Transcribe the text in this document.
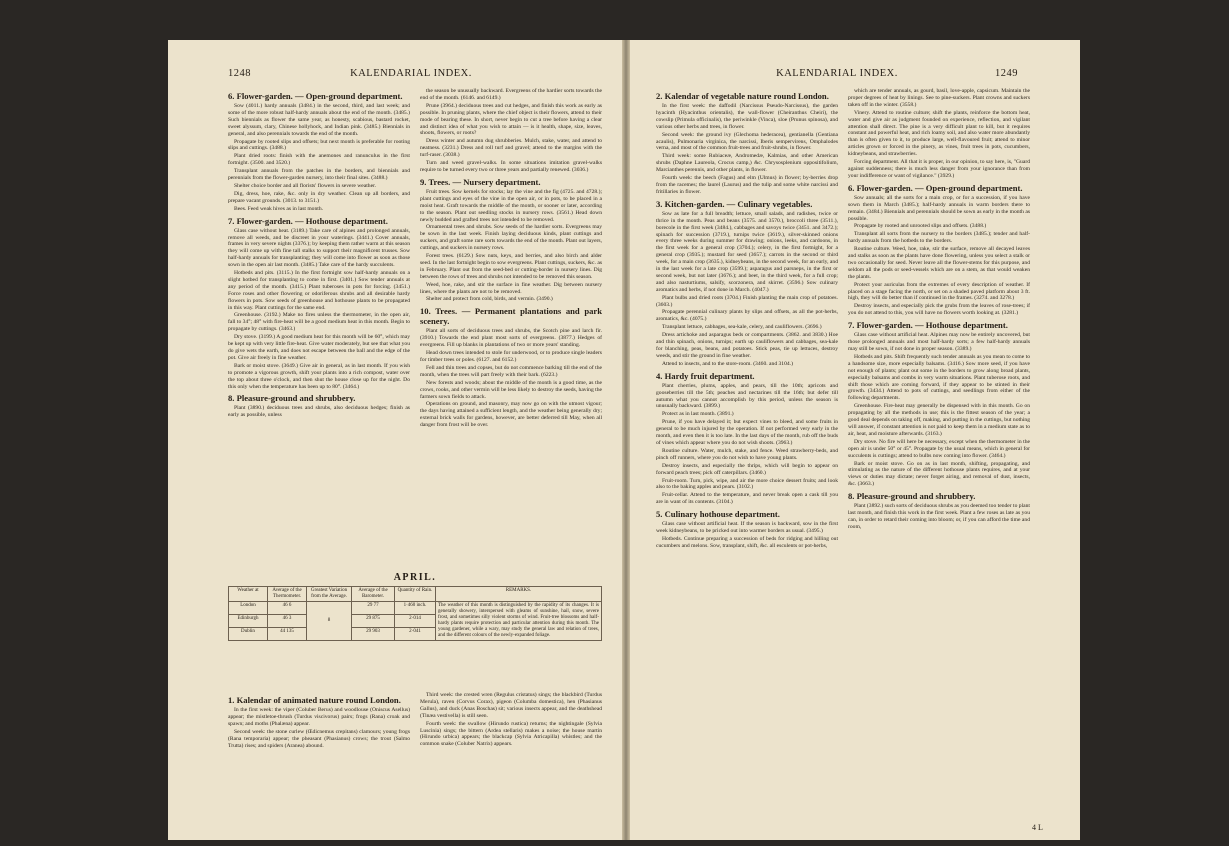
1248	KALENDARIAL INDEX.
6. Flower-garden. — Open-ground department.

Sow (4011.) hardy annuals (3484.) in the second, third, and last week; and some of the more robust half-hardy annuals about the end of the month. (3485.) Such biennials as flower the same year, as honesty, scabious, bastard rocket, sweet alyssum, clary, Chinese hollyhock, and Indian pink. (3485.) Biennials in general, and also perennials towards the end of the month.

Propagate by rooted slips and offsets; but next month is preferable for rooting slips and cuttings. (3488.)

Plant dried roots: finish with the anemones and ranunculus in the first fortnight. (3500. and 3520.)

Transplant annuals from the patches in the borders, and biennials and perennials from the flower-garden nursery, into their final sites. (3488.)

Shelter choice border and all florists' flowers in severe weather.

Dig, dress, hoe, rake, &c. only in dry weather. Clean up all borders, and prepare vacant grounds. (3013. to 3151.)

Bees. Feed weak hives as in last month.

7. Flower-garden. — Hothouse department.

Glass case without heat. (3189.) Take care of alpines and prolonged annuals, remove all weeds, and be discreet in your waterings. (3441.) Cover annuals, frames in very severe nights (3376.); by keeping them rather warm at this season they will come up with fine tall stalks to support their magnificent trusses. Sow half-hardy annuals for transplanting; they will come into flower as soon as those sown in the open air last month. (3485.) Take care of the hardy succulents.

Hotbeds and pits. (3115.) In the first fortnight sow half-hardy annuals on a slight hotbed for transplanting to come in first. (3401.) Sow tender annuals at any period of the month. (3415.) Plant tuberoses in pots for forcing. (3451.) Force roses and other flowering or odoriferous shrubs and all desirable hardy flowers in pots. Sow seeds of greenhouse and hothouse plants to be propagated in this way. Plant cuttings for the same end.

Greenhouse. (3192.) Make no fires unless the thermometer, in the open air, fall to 34°; 48° with fire-heat will be a good medium heat in this month. Begin to propagate by cuttings. (3463.)

Dry stove. (3199.) A good medium heat for this month will be 60°, which may be kept up with very little fire-heat. Give water moderately, but see that what you do give wets the earth, and does not escape between the ball and the edge of the pot. Give air freely in fine weather.

Bark or moist stove. (3649.) Give air in general, as in last month. If you wish to promote a vigorous growth, shift your plants into a rich compost, water over the top about three o'clock, and then shut the house close up for the night. Do this only when the temperature has been up to 80°. (3464.)

8. Pleasure-ground and shrubbery.

Plant (3890.) deciduous trees and shrubs, also deciduous hedges; finish as early as possible, unless

the season be unusually backward. Evergreens of the hardier sorts towards the end of the month. (6146. and 6149.)

Prune (3964.) deciduous trees and cut hedges, and finish this work as early as possible. In pruning plants, where the chief object is their flowers, attend to their mode of bearing these. In short, never begin to cut a tree before having a clear and distinct idea of what you wish to attain — is it health, shape, size, leaves, shoots, flowers, or roots?

Dress winter and autumn dug shrubberies. Mulch, stake, water, and attend to neatness. (3231.) Dress and roll turf and gravel; attend to the margins with the turf-raser. (3038.)

Turn and weed gravel-walks. In some situations imitation gravel-walks require to be turned every two or three years and partially renewed. (3036.)

9. Trees. — Nursery department.

Fruit trees. Sow kernels for stocks; lay the vine and the fig (4725. and 4728.); plant cuttings and eyes of the vine in the open air, or in pots, to be placed in a moist heat. Graft towards the middle of the month, or sooner or later, according to the season. Plant out seedling stocks in nursery rows. (3561.) Head down newly budded and grafted trees not intended to be removed.

Ornamental trees and shrubs. Sow seeds of the hardier sorts. Evergreens may be sown in the last week. Finish laying deciduous kinds, plant cuttings and suckers, and graft some rare sorts towards the end of the month. Plant out layers, cuttings, and suckers in nursery rows.

Forest trees. (6129.) Sow nuts, keys, and berries, and also birch and alder seed. In the last fortnight begin to sow evergreens. Plant cuttings, suckers, &c. as in February. Plant out from the seed-bed or cutting-border in nursery lines. Dig between the rows of trees and shrubs not intended to be removed this season.

Weed, hoe, rake, and stir the surface in fine weather. Dig between nursery lines, where the plants are not to be removed.

Shelter and protect from cold, birds, and vermin. (3490.)

10. Trees. — Permanent plantations and park scenery.

Plant all sorts of deciduous trees and shrubs, the Scotch pine and larch fir. (3910.) Towards the end plant most sorts of evergreens. (3877.) Hedges of evergreens. Fill up blanks in plantations of two or more years' standing.

Head down trees intended to stole for underwood, or to produce single leaders for timber trees or poles. (6127. and 6152.)

Fell and thin trees and copses, but do not commence barking till the end of the month, when the trees will part freely with their bark. (6223.)

New forests and woods; about the middle of the month is a good time, as the crows, rooks, and other vermin will be less likely to destroy the seeds, having the farmers sown fields to attack.

Operations on ground, and masonry, may now go on with the utmost vigour; the days having attained a sufficient length, and the weather being generally dry; external brick walls for gardens, however, are better deferred till May, when all danger from frost will be over.

APRIL.
Weather at	Average of the Thermometer.	Greatest Variation from the Average.	Average of the Barometer.	Quantity of Rain.	REMARKS.
London	46 6	8	29 77	1·460 inch.	The weather of this month is distinguished by the rapidity of its changes. It is generally showery, interspersed with gleams of sunshine, hail, snow, severe frost, and sometimes silly violent storms of wind. Fruit-tree blossoms and half-hardy plants require protection and particular attention during this month. The young gardener, while a wary, may study the general law and relation of trees, and the different colours of the newly-expanded foliage.
Edinburgh	46 3		29 875	2·014	
Dublin	44 135		29 903	2·041	
1. Kalendar of animated nature round London.

In the first week: the viper (Coluber Berus) and woodlouse (Oniscus Asellus) appear; the mistletoe-thrush (Turdus viscivorus) pairs; frogs (Rana) croak and spawn; and moths (Phalæna) appear.

Second week: the stone curlew (Œdicnemus crepitans) clamours; young frogs (Rana temporaria) appear; the pheasant (Phasianus) crows; the trout (Salmo Trutta) rises; and spiders (Aranea) abound.

Third week: the crested wren (Regulus cristatus) sings; the blackbird (Turdus Merula), raven (Corvus Corax), pigeon (Columba domestica), hen (Phasianus Gallus), and duck (Anas Boschas) sit; various insects appear, and the deathshead (Tinæa vestivella) is still seen.

Fourth week: the swallow (Hirundo rustica) returns; the nightingale (Sylvia Luscinia) sings; the bittern (Ardea stellaris) makes a noise; the house martin (Hirundo urbica) appears; the blackcap (Sylvia Atricapilla) whistles; and the common snake (Coluber Natrix) appears.

KALENDARIAL INDEX.	1249
2. Kalendar of vegetable nature round London.

In the first week: the daffodil (Narcissus Pseudo-Narcissus), the garden hyacinth (Hyacinthus orientalis), the wall-flower (Cheiranthus Cheiri), the cowslip (Primula officinalis), the periwinkle (Vinca), sloe (Prunus spinosa), and various other herbs and trees, in flower.

Second week: the ground ivy (Glechoma hederacea), gentianella (Gentiana acaulis), Pulmonaria virginica, the narcissi, Iberis sempervirens, Omphalodes verna, and most of the common fruit-trees and fruit-shrubs, in flower.

Third week: some Rubiaceæ, Andromedæ, Kalmias, and other American shrubs (Daphne Laureola, Crocus camp,) &c. Chrysosplenium oppositifolium, Marcianthes perennis, and other plants, in flower.

Fourth week: the beech (Fagus) and elm (Ulmus) in flower; by-berries drop from the racemes; the laurel (Laurus) and the tulip and some white narcissi and fritillaries in flower.

3. Kitchen-garden. — Culinary vegetables.

Sow as late for a full breadth; lettuce, small salads, and radishes, twice or thrice in the month. Peas and beans (3575. and 3570.), broccoli three (3511.), borecole in the first week (3484.), cabbages and savoys twice (3451. and 3472.); spinach for succession (3719.), turnips twice (3619.), silver-skinned onions every three weeks during summer for drawing; onions, leeks, and cardoons, in the first week for a general crop (3704.); celery, in the first fortnight, for a general crop (3935.); mustard for seed (3657.); carrots in the second or third week, for a main crop (3635.), kidneybeans, in the second week, for an early, and in the last week for a late crop (3599.); asparagus and parsneps, in the first or second week, but not later (3676.); and beet, in the third week, for a full crop; and also nasturtiums, salsify, scorzonera, and skirret. (3596.) Sow culinary aromatics and herbs, if not done in March. (4047.)

Plant bulbs and dried roots (3704.) Finish planting the main crop of potatoes. (3603.)

Propagate perennial culinary plants by slips and offsets, as all the pot-herbs, aromatics, &c. (4075.)

Transplant lettuce, cabbages, sea-kale, celery, and cauliflowers. (3696.)

Dress artichoke and asparagus beds or compartments. (3862. and 3830.) Hoe and thin spinach, onions, turnips; earth up cauliflowers and cabbages, sea-kale for blanching, peas, beans, and potatoes. Stick peas, tie up lettuces, destroy weeds, and stir the ground in fine weather.

Attend to insects, and to the store-room. (3460. and 3104.)

4. Hardy fruit department.

Plant cherries, plums, apples, and pears, till the 10th; apricots and gooseberries till the 5th; peaches and nectarines till the 16th; but defer till autumn what you cannot accomplish by this period, unless the season is unusually backward. (3899.)

Protect as in last month. (3891.)

Prune, if you have delayed it; but expect vines to bleed, and some fruits in general to be much injured by the operation. If not performed very early in the month, and even then it is too late. In the last days of the month, rub off the buds of vines which appear where you do not wish shoots. (3963.)

Routine culture. Water, mulch, stake, and fence. Weed strawberry-beds, and pinch off runners, where you do not wish to have young plants.

Destroy insects, and especially the thrips, which will begin to appear on forward peach trees; pick off caterpillars. (3460.)

Fruit-room. Turn, pick, wipe, and air the more choice dessert fruits; and look also to the baking apples and pears. (3102.)

Fruit-cellar. Attend to the temperature, and never break open a cask till you are in want of its contents. (3104.)

5. Culinary hothouse department.

Glass case without artificial heat. If the season is backward, sow in the first week kidneybeans, to be pricked out into warmer borders as usual. (3495.)

Hotbeds. Continue preparing a succession of beds for ridging and hilling out cucumbers and melons. Sow, transplant, shift, &c. all esculents or pot-herbs,

which are tender annuals, as gourd, basil, love-apple, capsicum. Maintain the proper degrees of heat by linings. See to pine-suckers. Plant crowns and suckers taken off in the winter. (3558.)

Vinery. Attend to routine culture; shift the plants, reinforce the bottom heat, water and give air as judgment founded on experience, reflection, and vigilant attention shall direct. The pine is a very difficult plant to kill, but it requires constant and powerful heat, and rich loamy soil, and also water more abundantly than is often given to it, to produce large, well-flavoured fruit; attend to minor articles grown or forced in the pinery, as vines, fruit trees in pots, cucumbers, kidneybeans, and strawberries.

Forcing department. All that it is proper, in our opinion, to say here, is, "Guard against suddenness; there is much less danger from your ignorance than from your indifference or want of vigilance." (3929.)

6. Flower-garden. — Open-ground department.

Sow annuals; all the sorts for a main crop, or for a succession, if you have sown them in March (3485.); half-hardy annuals in warm borders there to remain. (3484.) Biennials and perennials should be sown as early in the month as possible.

Propagate by rooted and unrooted slips and offsets. (3488.)

Transplant all sorts from the nursery to the borders (3485.); tender and half-hardy annuals from the hotbeds to the borders.

Routine culture. Weed, hoe, rake, stir the surface, remove all decayed leaves and stalks as soon as the plants have done flowering, unless you select a stalk or two occasionally for seed. Never leave all the flower-stems for this purpose, and seldom all the pods or seed-vessels which are on a stem, as that would weaken the plants.

Protect your auriculas from the extremes of every description of weather. If placed on a stage facing the north, or set on a shaded paved platform about 3 ft. high, they will do better than if continued in the frames. (3274. and 3278.)

Destroy insects, and especially pick the grubs from the leaves of rose-trees; if you do not attend to this, you will have no flowers worth looking at. (3281.)

7. Flower-garden. — Hothouse department.

Glass case without artificial heat. Alpines may now be entirely uncovered, but those prolonged annuals and most half-hardy sorts; a few half-hardy annuals may still be sown, if not done in proper season. (3389.)

Hotbeds and pits. Shift frequently such tender annuals as you mean to come to a handsome size, more especially balsams. (3416.) Sow more seed, if you have not enough of plants; plant out some in the borders to grow along broad plants, especially balsams and combs in very warm situations. Plant tuberose roots, and shift those which are coming forward, if they appear to be stinted in their growth. (3434.) Attend to pots of cuttings, and seedlings from either of the following departments.

Greenhouse. Fire-heat may generally be dispensed with in this month. Go on propagating by all the methods in use; this is the fittest season of the year; a good deal depends on taking off, making, and putting in the cuttings, but nothing will answer, if constant attention is not paid to keep them in a medium state as to air, heat, and moisture afterwards. (3163.)

Dry stove. No fire will here be necessary, except when the thermometer in the open air is under 50° or 45°. Propagate by the usual means, which in general for succulents is cuttings; attend to bulbs now coming into flower. (3464.)

Bark or moist stove. Go on as in last month, shifting, propagating, and stimulating as the nature of the different hothouse plants requires, and at your views or duties may dictate; never forget airing, and removal of dust, insects, &c. (3663.)

8. Pleasure-ground and shrubbery.

Plant (3892.) such sorts of deciduous shrubs as you deemed too tender to plant last month, and finish this work in the first week. Plant a few roses as late as you can, in order to retard their coming into bloom; or, if you can afford the time and room,

4 L
